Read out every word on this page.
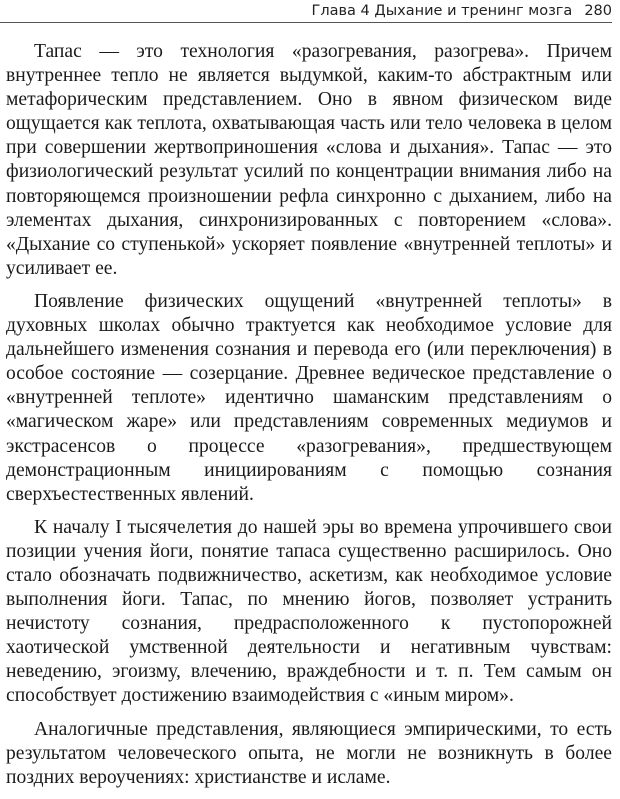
Глава 4 Дыхание и тренинг мозга 280

Тапас — это технология «разогревания, разогрева». Причем внутреннее тепло не является выдумкой, каким-то абстрактным или метафорическим представлением. Оно в явном физическом виде ощущается как теплота, охватывающая часть или тело человека в целом при совершении жертвоприношения «слова и дыхания». Тапас — это физиологический результат усилий по концентрации внимания либо на повторяющемся произношении рефла синхронно с дыханием, либо на элементах дыхания, синхронизированных с повторением «слова». «Дыхание со ступенькой» ускоряет появление «внутренней теплоты» и усиливает ее.

Появление физических ощущений «внутренней теплоты» в духовных школах обычно трактуется как необходимое условие для дальнейшего изменения сознания и перевода его (или переключения) в особое состояние — созерцание. Древнее ведическое представление о «внутренней теплоте» идентично шаманским представлениям о «магическом жаре» или представлениям современных медиумов и экстрасенсов о процессе «разогревания», предшествующем демонстрационным инициированиям с помощью сознания сверхъестественных явлений.

К началу I тысячелетия до нашей эры во времена упрочившего свои позиции учения йоги, понятие тапаса существенно расширилось. Оно стало обозначать подвижничество, аскетизм, как необходимое условие выполнения йоги. Тапас, по мнению йогов, позволяет устранить нечистоту сознания, предрасположенного к пустопорожней хаотической умственной деятельности и негативным чувствам: неведению, эгоизму, влечению, враждебности и т. п. Тем самым он способствует достижению взаимодействия с «иным миром».

Аналогичные представления, являющиеся эмпирическими, то есть результатом человеческого опыта, не могли не возникнуть в более поздних вероучениях: христианстве и исламе.
